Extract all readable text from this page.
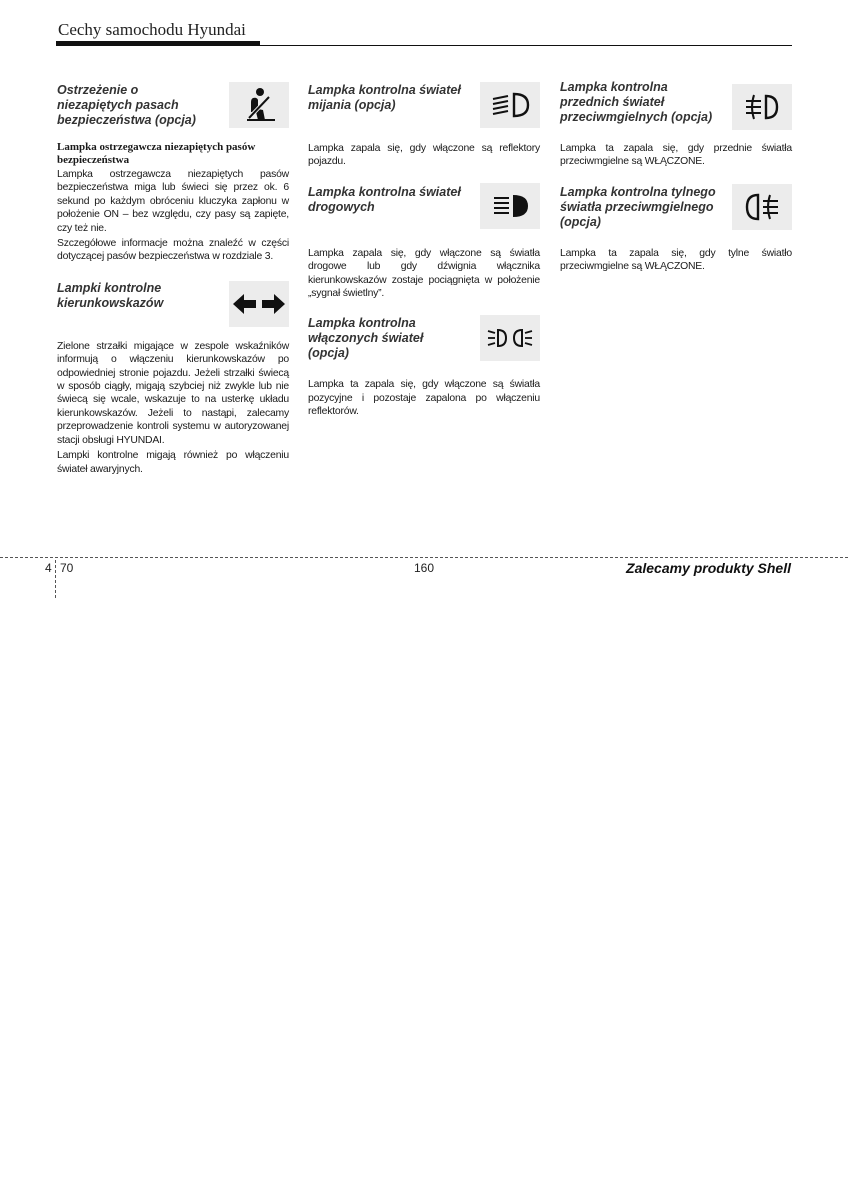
Cechy samochodu Hyundai

Ostrzeżenie o niezapiętych pasach bezpieczeństwa (opcja)

Lampka ostrzegawcza niezapiętych pasów bezpieczeństwa

Lampka ostrzegawcza niezapiętych pasów bezpieczeństwa miga lub świeci się przez ok. 6 sekund po każdym obróceniu kluczyka zapłonu w położenie ON – bez względu, czy pasy są zapięte, czy też nie.

Szczegółowe informacje można znaleźć w części dotyczącej pasów bezpieczeństwa w rozdziale 3.

Lampki kontrolne kierunkowskazów

Zielone strzałki migające w zespole wskaźników informują o włączeniu kierunkowskazów po odpowiedniej stronie pojazdu. Jeżeli strzałki świecą w sposób ciągły, migają szybciej niż zwykle lub nie świecą się wcale, wskazuje to na usterkę układu kierunkowskazów. Jeżeli to nastąpi, zalecamy przeprowadzenie kontroli systemu w autoryzowanej stacji obsługi HYUNDAI.

Lampki kontrolne migają również po włączeniu świateł awaryjnych.

Lampka kontrolna świateł mijania (opcja)

Lampka zapala się, gdy włączone są reflektory pojazdu.

Lampka kontrolna świateł drogowych

Lampka zapala się, gdy włączone są światła drogowe lub gdy dźwignia włącznika kierunkowskazów zostaje pociągnięta w położenie „sygnał świetlny”.

Lampka kontrolna włączonych świateł (opcja)

Lampka ta zapala się, gdy włączone są światła pozycyjne i pozostaje zapalona po włączeniu reflektorów.

Lampka kontrolna przednich świateł przeciwmgielnych (opcja)

Lampka ta zapala się, gdy przednie światła przeciwmgielne są WŁĄCZONE.

Lampka kontrolna tylnego światła przeciwmgielnego (opcja)

Lampka ta zapala się, gdy tylne światło przeciwmgielne są WŁĄCZONE.

4 70	160	Zalecamy produkty Shell
